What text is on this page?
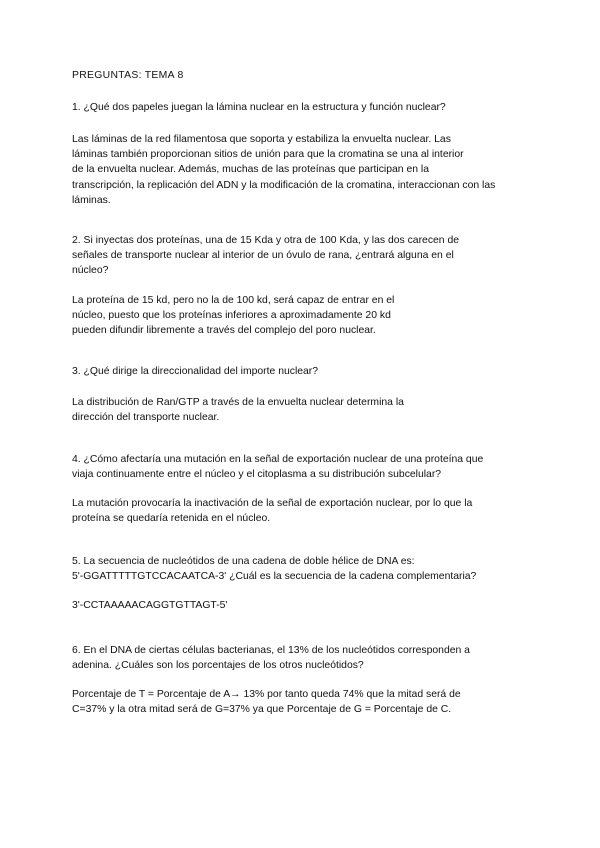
PREGUNTAS: TEMA 8
1. ¿Qué dos papeles juegan la lámina nuclear en la estructura y función nuclear?
Las láminas de la red filamentosa que soporta y estabiliza la envuelta nuclear. Las
láminas también proporcionan sitios de unión para que la cromatina se una al interior
de la envuelta nuclear. Además, muchas de las proteínas que participan en la
transcripción, la replicación del ADN y la modificación de la cromatina, interaccionan con las
láminas.
2. Si inyectas dos proteínas, una de 15 Kda y otra de 100 Kda, y las dos carecen de
señales de transporte nuclear al interior de un óvulo de rana, ¿entrará alguna en el
núcleo?
La proteína de 15 kd, pero no la de 100 kd, será capaz de entrar en el
núcleo, puesto que los proteínas inferiores a aproximadamente 20 kd
pueden difundir libremente a través del complejo del poro nuclear.
3. ¿Qué dirige la direccionalidad del importe nuclear?
La distribución de Ran/GTP a través de la envuelta nuclear determina la
dirección del transporte nuclear.
4. ¿Cómo afectaría una mutación en la señal de exportación nuclear de una proteína que
viaja continuamente entre el núcleo y el citoplasma a su distribución subcelular?
La mutación provocaría la inactivación de la señal de exportación nuclear, por lo que la
proteína se quedaría retenida en el núcleo.
5. La secuencia de nucleótidos de una cadena de doble hélice de DNA es:
5'-GGATTTTTGTCCACAATCA-3' ¿Cuál es la secuencia de la cadena complementaria?
3'-CCTAAAAACAGGTGTTAGT-5'
6. En el DNA de ciertas células bacterianas, el 13% de los nucleótidos corresponden a
adenina. ¿Cuáles son los porcentajes de los otros nucleótidos?
Porcentaje de T = Porcentaje de A→ 13% por tanto queda 74% que la mitad será de
C=37% y la otra mitad será de G=37% ya que Porcentaje de G = Porcentaje de C.
